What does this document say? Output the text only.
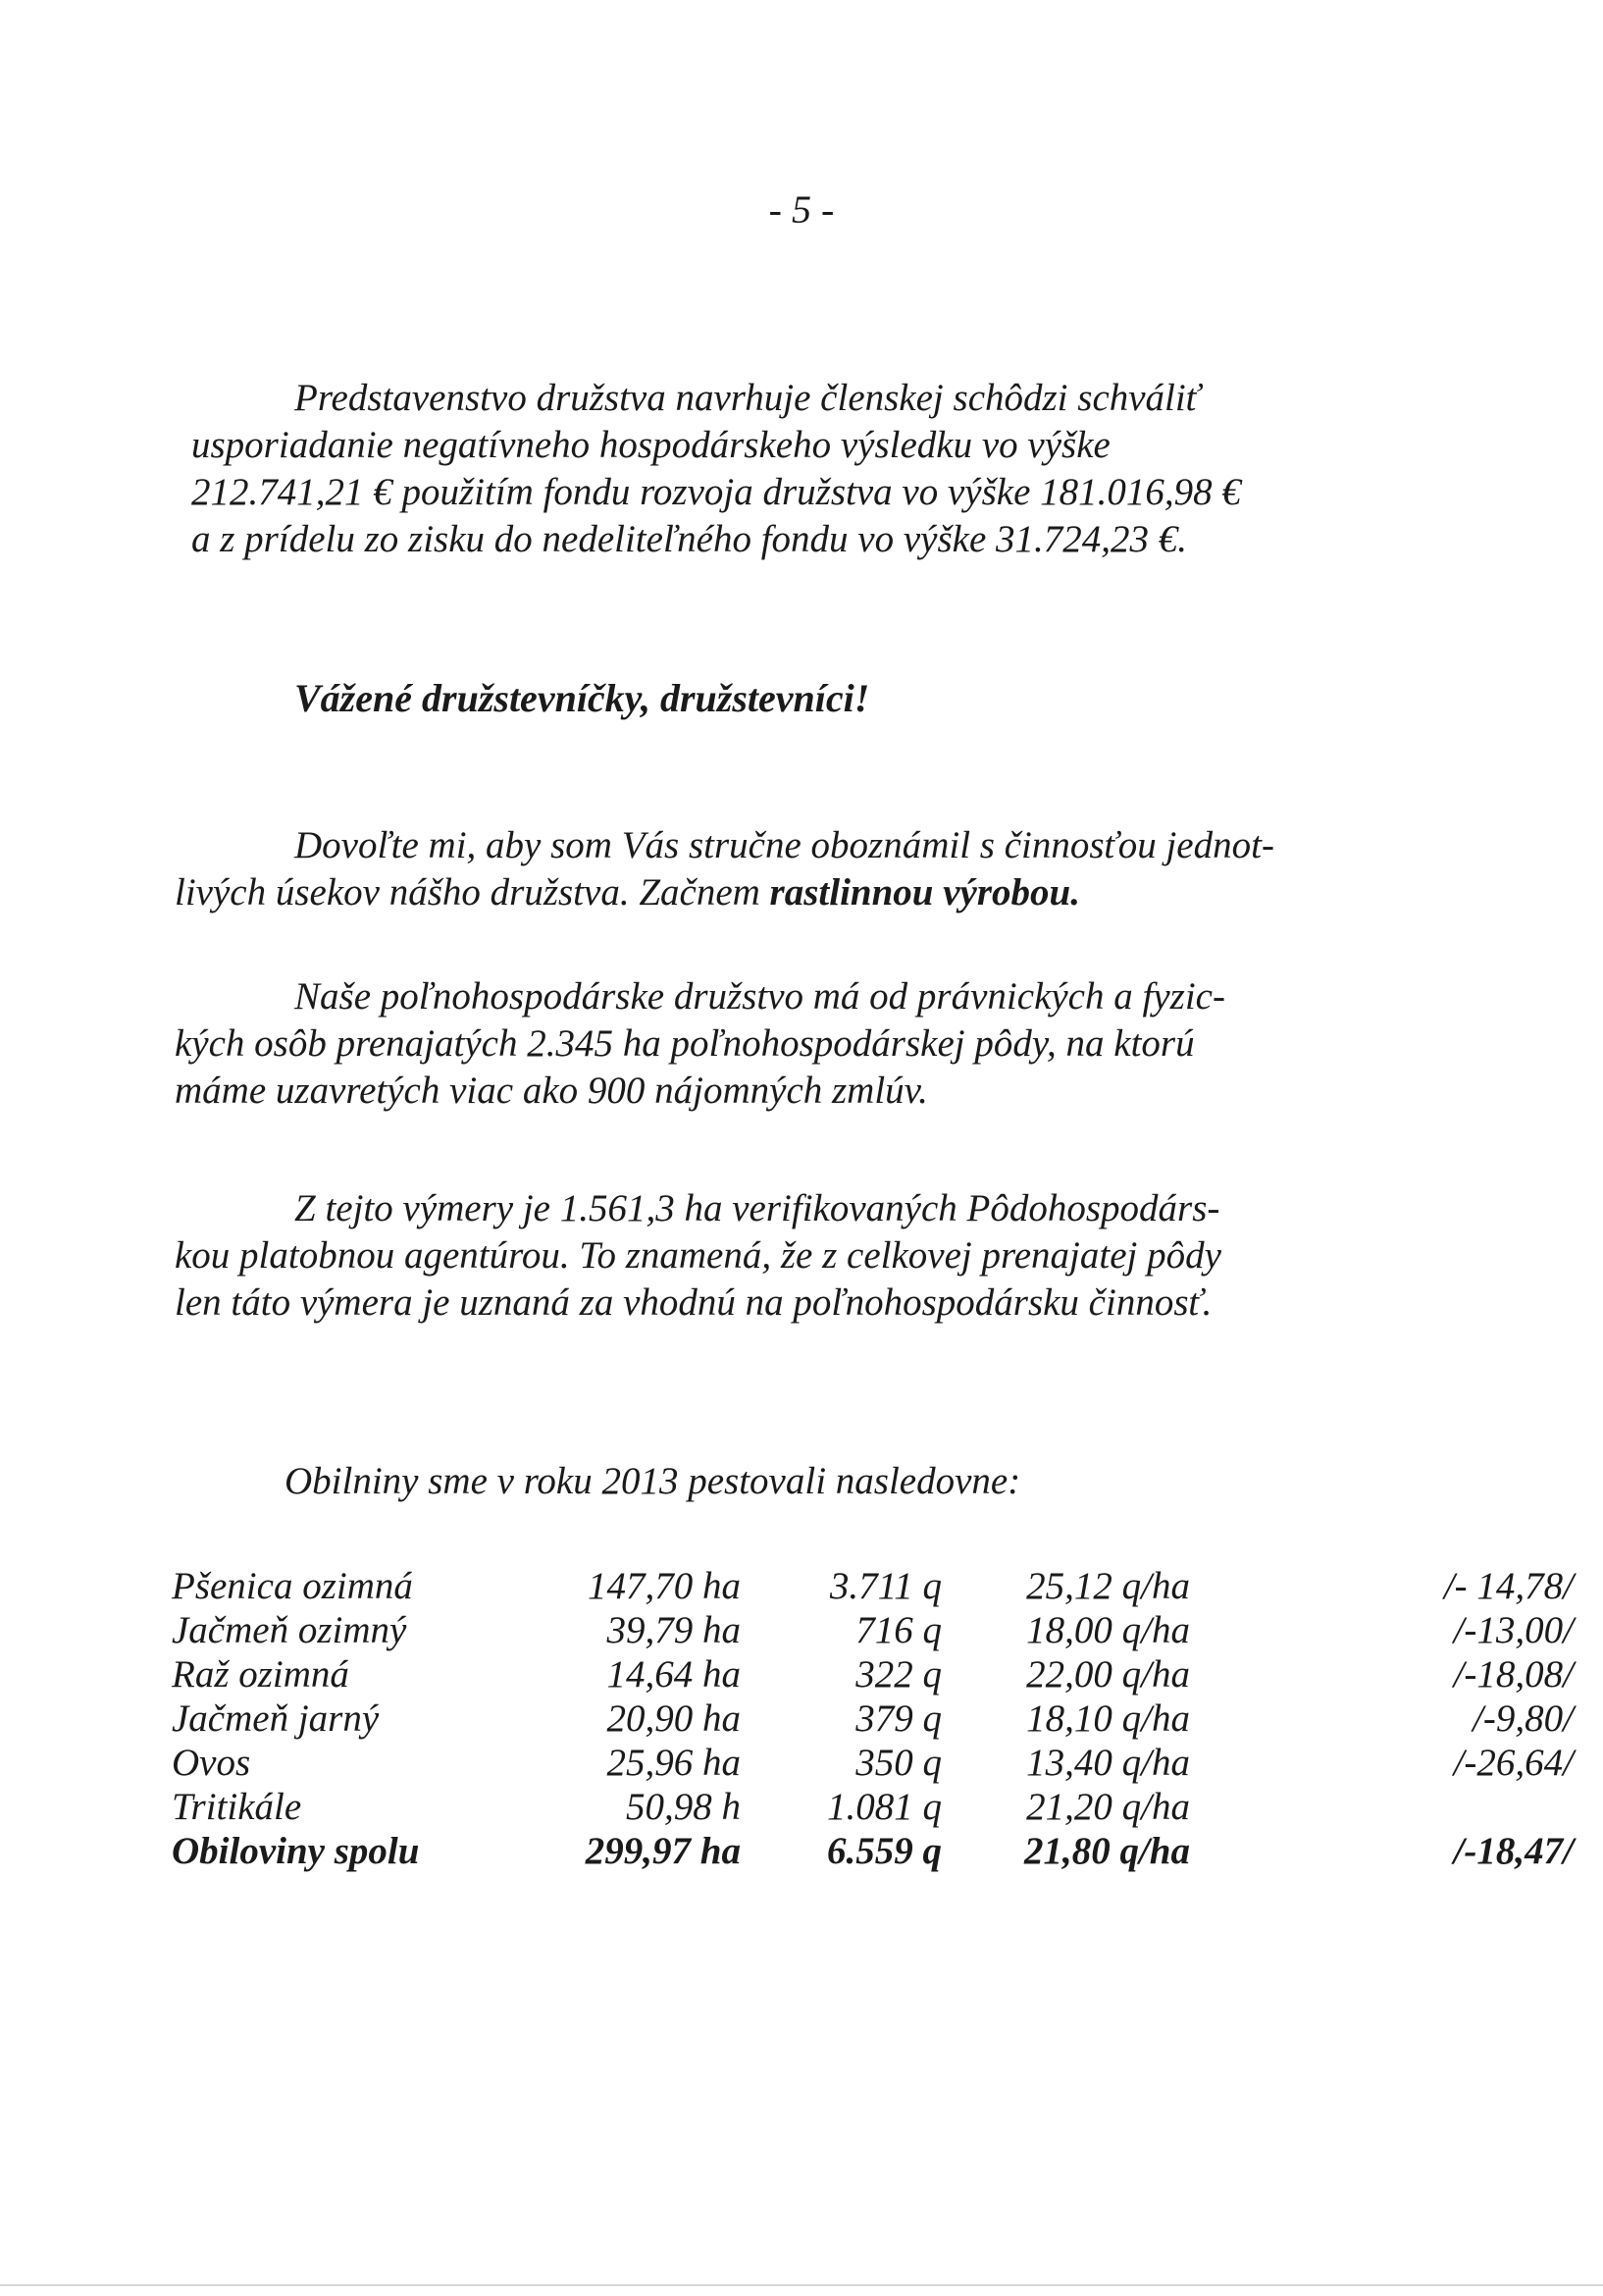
- 5 -

Predstavenstvo družstva navrhuje členskej schôdzi schváliť
usporiadanie negatívneho hospodárskeho výsledku vo výške
212.741,21 € použitím fondu rozvoja družstva vo výške 181.016,98 €
a z prídelu zo zisku do nedeliteľného fondu vo výške 31.724,23 €.

Vážené družstevníčky, družstevníci!

Dovoľte mi, aby som Vás stručne oboznámil s činnosťou jednot-
livých úsekov nášho družstva. Začnem rastlinnou výrobou.

Naše poľnohospodárske družstvo má od právnických a fyzic-
kých osôb prenajatých 2.345 ha poľnohospodárskej pôdy, na ktorú
máme uzavretých viac ako 900 nájomných zmlúv.

Z tejto výmery je 1.561,3 ha verifikovaných Pôdohospodárs-
kou platobnou agentúrou. To znamená, že z celkovej prenajatej pôdy
len táto výmera je uznaná za vhodnú na poľnohospodársku činnosť.

Obilniny sme v roku 2013 pestovali nasledovne:

Pšenica ozimná	147,70 ha	3.711 q	25,12 q/ha	/- 14,78/
Jačmeň ozimný	39,79 ha	716 q	18,00 q/ha	/-13,00/
Raž ozimná	14,64 ha	322 q	22,00 q/ha	/-18,08/
Jačmeň jarný	20,90 ha	379 q	18,10 q/ha	/-9,80/
Ovos	25,96 ha	350 q	13,40 q/ha	/-26,64/
Tritikále	50,98 h	1.081 q	21,20 q/ha
Obiloviny spolu	299,97 ha	6.559 q	21,80 q/ha	/-18,47/
